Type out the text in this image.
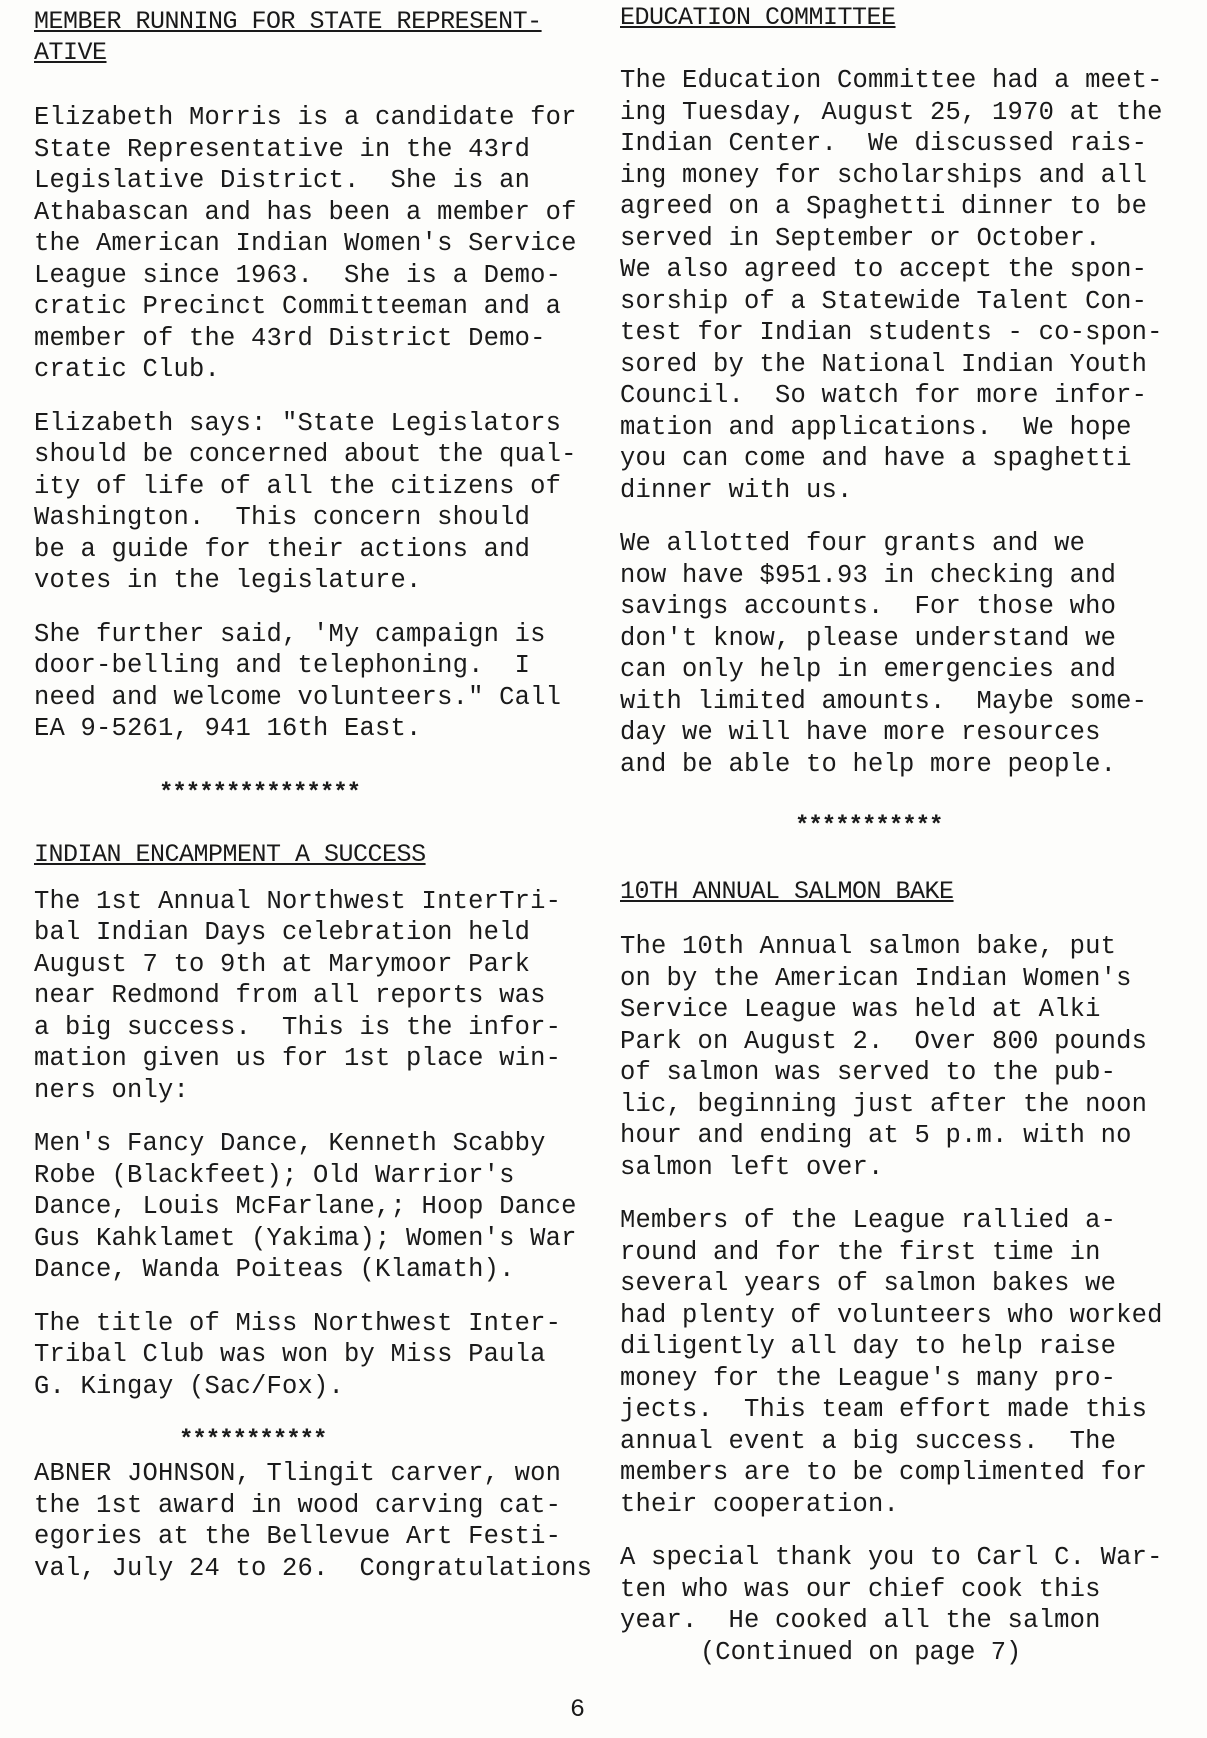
MEMBER RUNNING FOR STATE REPRESENT-
ATIVE

Elizabeth Morris is a candidate for
State Representative in the 43rd
Legislative District.  She is an
Athabascan and has been a member of
the American Indian Women's Service
League since 1963.  She is a Demo-
cratic Precinct Committeeman and a
member of the 43rd District Demo-
cratic Club.

Elizabeth says: "State Legislators
should be concerned about the qual-
ity of life of all the citizens of
Washington.  This concern should
be a guide for their actions and
votes in the legislature.

She further said, 'My campaign is
door-belling and telephoning.  I
need and welcome volunteers." Call
EA 9-5261, 941 16th East.

***************

INDIAN ENCAMPMENT A SUCCESS

The 1st Annual Northwest InterTri-
bal Indian Days celebration held
August 7 to 9th at Marymoor Park
near Redmond from all reports was
a big success.  This is the infor-
mation given us for 1st place win-
ners only:

Men's Fancy Dance, Kenneth Scabby
Robe (Blackfeet); Old Warrior's
Dance, Louis McFarlane,; Hoop Dance
Gus Kahklamet (Yakima); Women's War
Dance, Wanda Poiteas (Klamath).

The title of Miss Northwest Inter-
Tribal Club was won by Miss Paula
G. Kingay (Sac/Fox).

***********

ABNER JOHNSON, Tlingit carver, won
the 1st award in wood carving cat-
egories at the Bellevue Art Festi-
val, July 24 to 26.  Congratulations

EDUCATION COMMITTEE

The Education Committee had a meet-
ing Tuesday, August 25, 1970 at the
Indian Center.  We discussed rais-
ing money for scholarships and all
agreed on a Spaghetti dinner to be
served in September or October.
We also agreed to accept the spon-
sorship of a Statewide Talent Con-
test for Indian students - co-spon-
sored by the National Indian Youth
Council.  So watch for more infor-
mation and applications.  We hope
you can come and have a spaghetti
dinner with us.

We allotted four grants and we
now have $951.93 in checking and
savings accounts.  For those who
don't know, please understand we
can only help in emergencies and
with limited amounts.  Maybe some-
day we will have more resources
and be able to help more people.

***********

10TH ANNUAL SALMON BAKE

The 10th Annual salmon bake, put
on by the American Indian Women's
Service League was held at Alki
Park on August 2.  Over 800 pounds
of salmon was served to the pub-
lic, beginning just after the noon
hour and ending at 5 p.m. with no
salmon left over.

Members of the League rallied a-
round and for the first time in
several years of salmon bakes we
had plenty of volunteers who worked
diligently all day to help raise
money for the League's many pro-
jects.  This team effort made this
annual event a big success.  The
members are to be complimented for
their cooperation.

A special thank you to Carl C. War-
ten who was our chief cook this
year.  He cooked all the salmon

(Continued on page 7)

6
